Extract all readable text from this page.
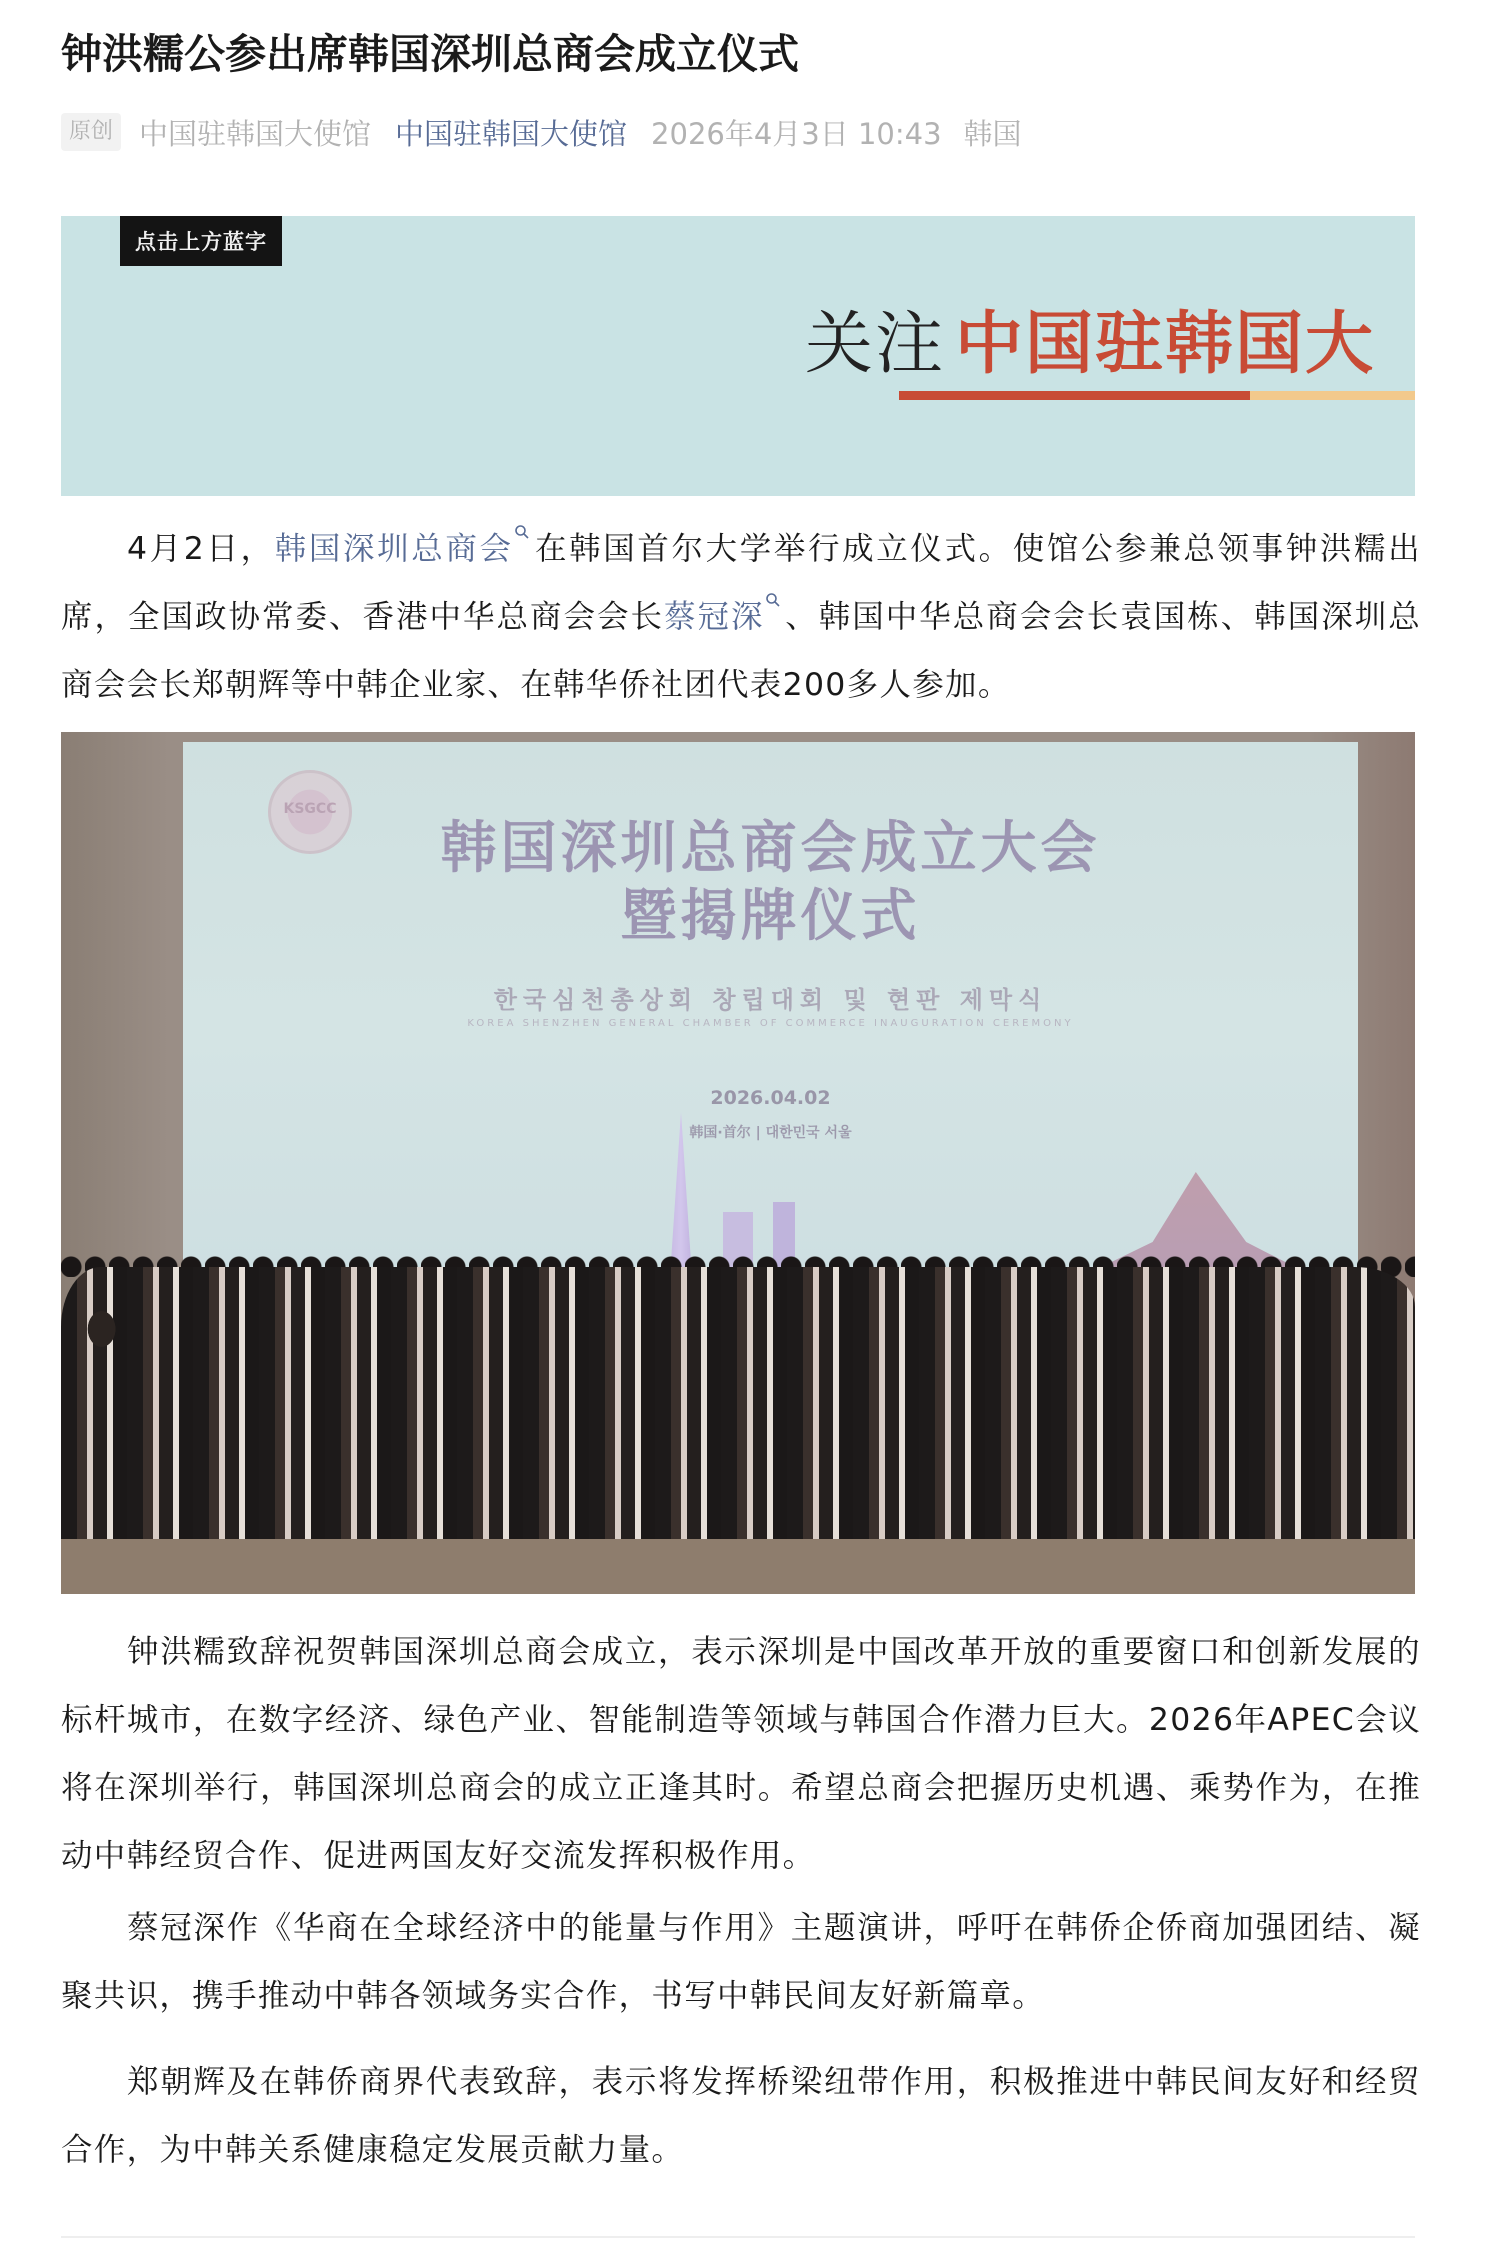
钟洪糯公参出席韩国深圳总商会成立仪式
原创 中国驻韩国大使馆 中国驻韩国大使馆 2026年4月3日 10:43 韩国
点击上方蓝字
关注 中国驻韩国大

4月2日，韩国深圳总商会 在韩国首尔大学举行成立仪式。使馆公参兼总领事钟洪糯出席，全国政协常委、香港中华总商会会长蔡冠深 、韩国中华总商会会长袁国栋、韩国深圳总商会会长郑朝辉等中韩企业家、在韩华侨社团代表200多人参加。

KSGCC
韩国深圳总商会成立大会
暨揭牌仪式
한국심천총상회 창립대회 및 현판 제막식
KOREA SHENZHEN GENERAL CHAMBER OF COMMERCE INAUGURATION CEREMONY
2026.04.02
韩国·首尔 | 대한민국 서울

钟洪糯致辞祝贺韩国深圳总商会成立，表示深圳是中国改革开放的重要窗口和创新发展的标杆城市，在数字经济、绿色产业、智能制造等领域与韩国合作潜力巨大。2026年APEC会议将在深圳举行，韩国深圳总商会的成立正逢其时。希望总商会把握历史机遇、乘势作为，在推动中韩经贸合作、促进两国友好交流发挥积极作用。

蔡冠深作《华商在全球经济中的能量与作用》主题演讲，呼吁在韩侨企侨商加强团结、凝聚共识，携手推动中韩各领域务实合作，书写中韩民间友好新篇章。

郑朝辉及在韩侨商界代表致辞，表示将发挥桥梁纽带作用，积极推进中韩民间友好和经贸合作，为中韩关系健康稳定发展贡献力量。
